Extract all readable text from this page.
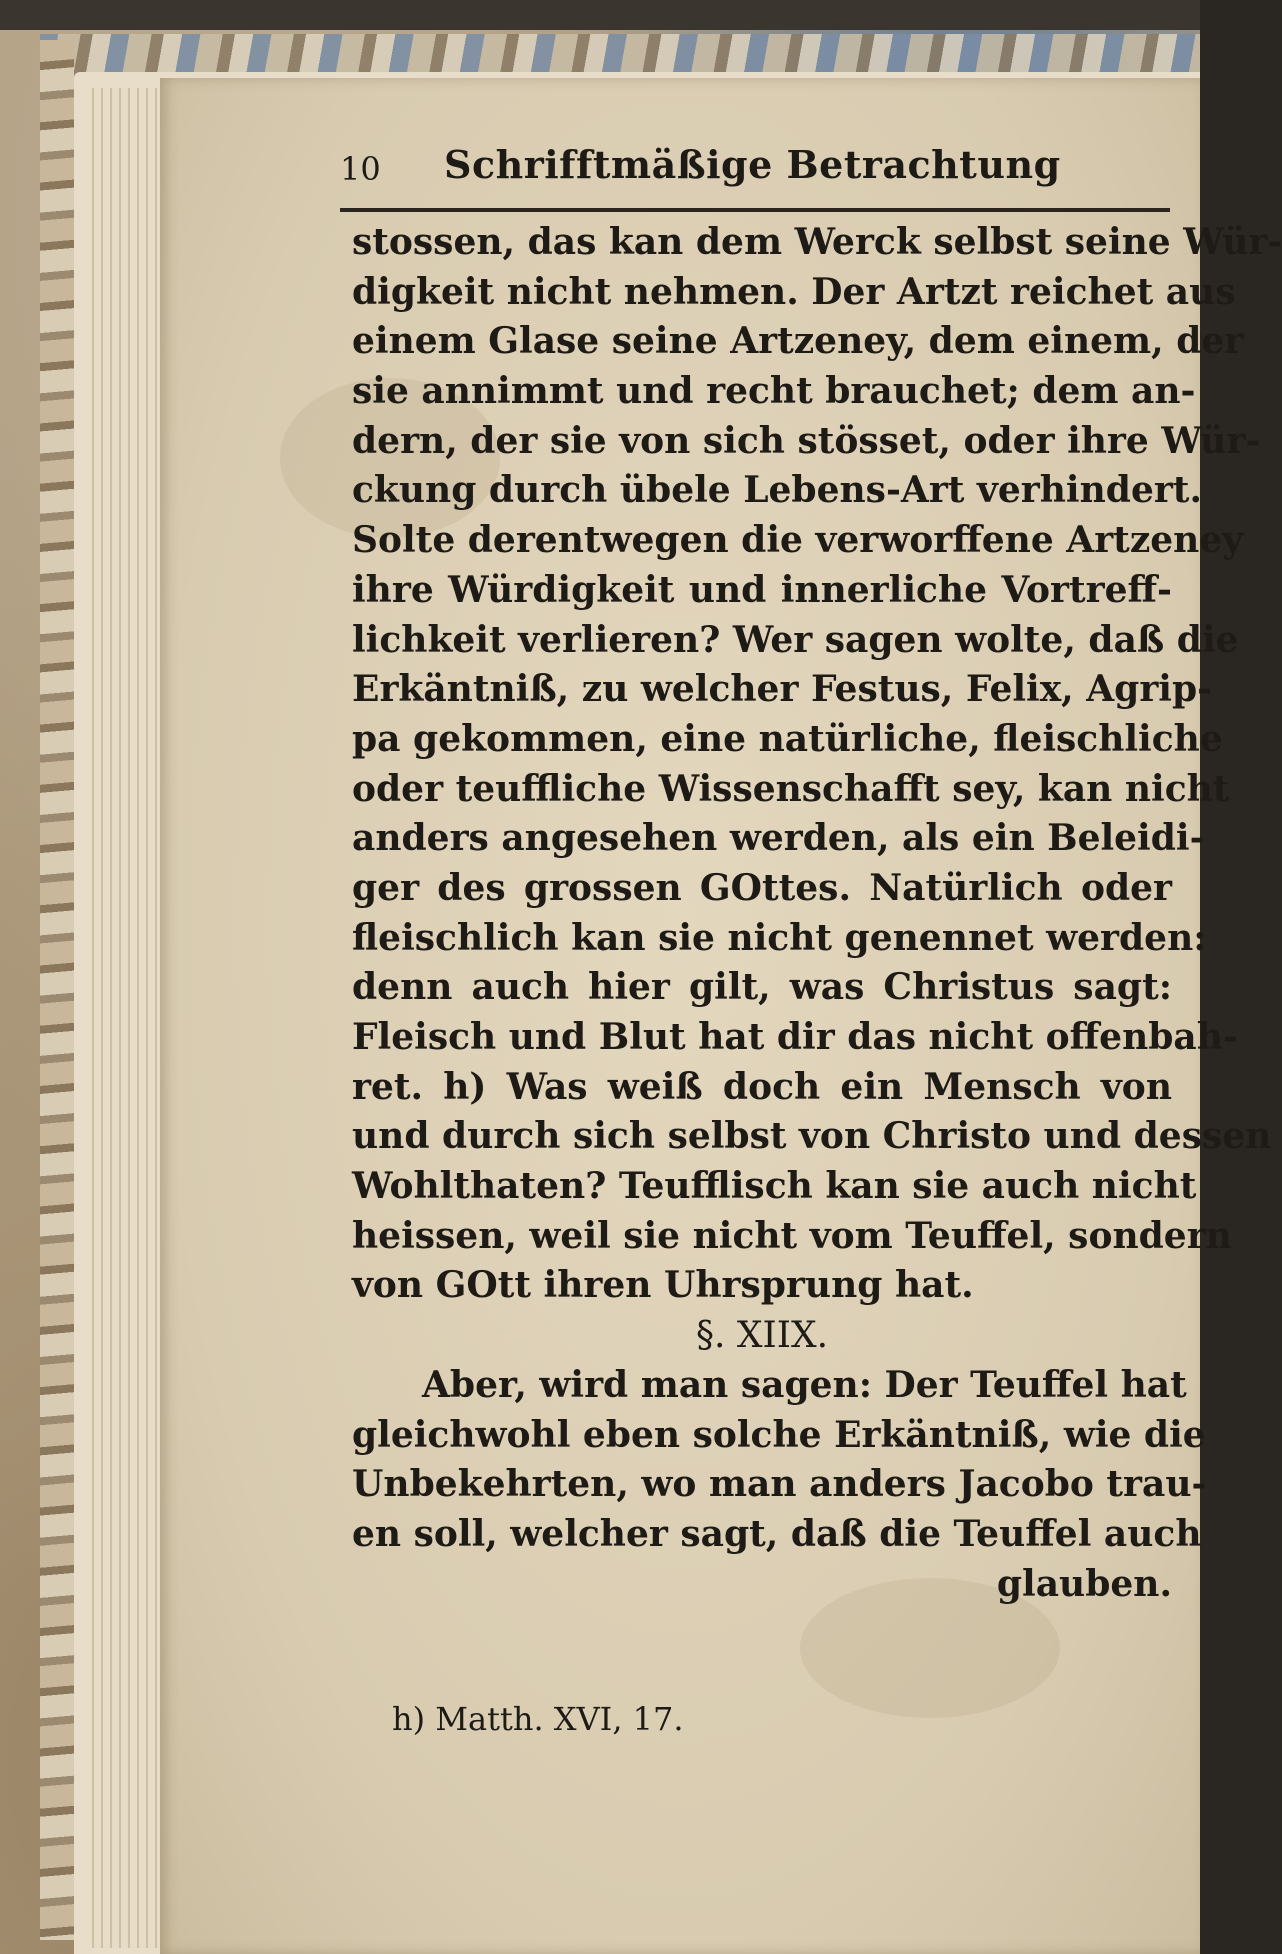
10 Schrifftmäßige Betrachtung
stossen, das kan dem Werck selbst seine Wür-
digkeit nicht nehmen. Der Artzt reichet aus
einem Glase seine Artzeney, dem einem, der
sie annimmt und recht brauchet; dem an-
dern, der sie von sich stösset, oder ihre Wür-
ckung durch übele Lebens-Art verhindert.
Solte derentwegen die verworffene Artzeney
ihre Würdigkeit und innerliche Vortreff-
lichkeit verlieren? Wer sagen wolte, daß die
Erkäntniß, zu welcher Festus, Felix, Agrip-
pa gekommen, eine natürliche, fleischliche
oder teuffliche Wissenschafft sey, kan nicht
anders angesehen werden, als ein Beleidi-
ger des grossen GOttes. Natürlich oder
fleischlich kan sie nicht genennet werden:
denn auch hier gilt, was Christus sagt:
Fleisch und Blut hat dir das nicht offenbah-
ret. h) Was weiß doch ein Mensch von
und durch sich selbst von Christo und dessen
Wohlthaten? Teufflisch kan sie auch nicht
heissen, weil sie nicht vom Teuffel, sondern
von GOtt ihren Uhrsprung hat.
§. XIIX.
Aber, wird man sagen: Der Teuffel hat
gleichwohl eben solche Erkäntniß, wie die
Unbekehrten, wo man anders Jacobo trau-
en soll, welcher sagt, daß die Teuffel auch
glauben.
h) Matth. XVI, 17.
